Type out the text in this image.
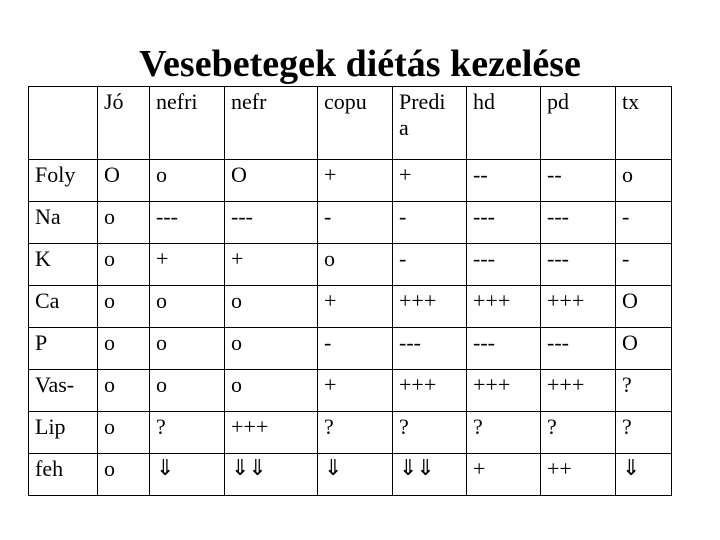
Vesebetegek diétás kezelése
	Jó	nefri	nefr	copu	Predi a	hd	pd	tx
Foly	O	o	O	+	+	--	--	o
Na	o	---	---	-	-	---	---	-
K	o	+	+	o	-	---	---	-
Ca	o	o	o	+	+++	+++	+++	O
P	o	o	o	-	---	---	---	O
Vas-	o	o	o	+	+++	+++	+++	?
Lip	o	?	+++	?	?	?	?	?
feh	o	⇓	⇓⇓	⇓	⇓⇓	+	++	⇓
